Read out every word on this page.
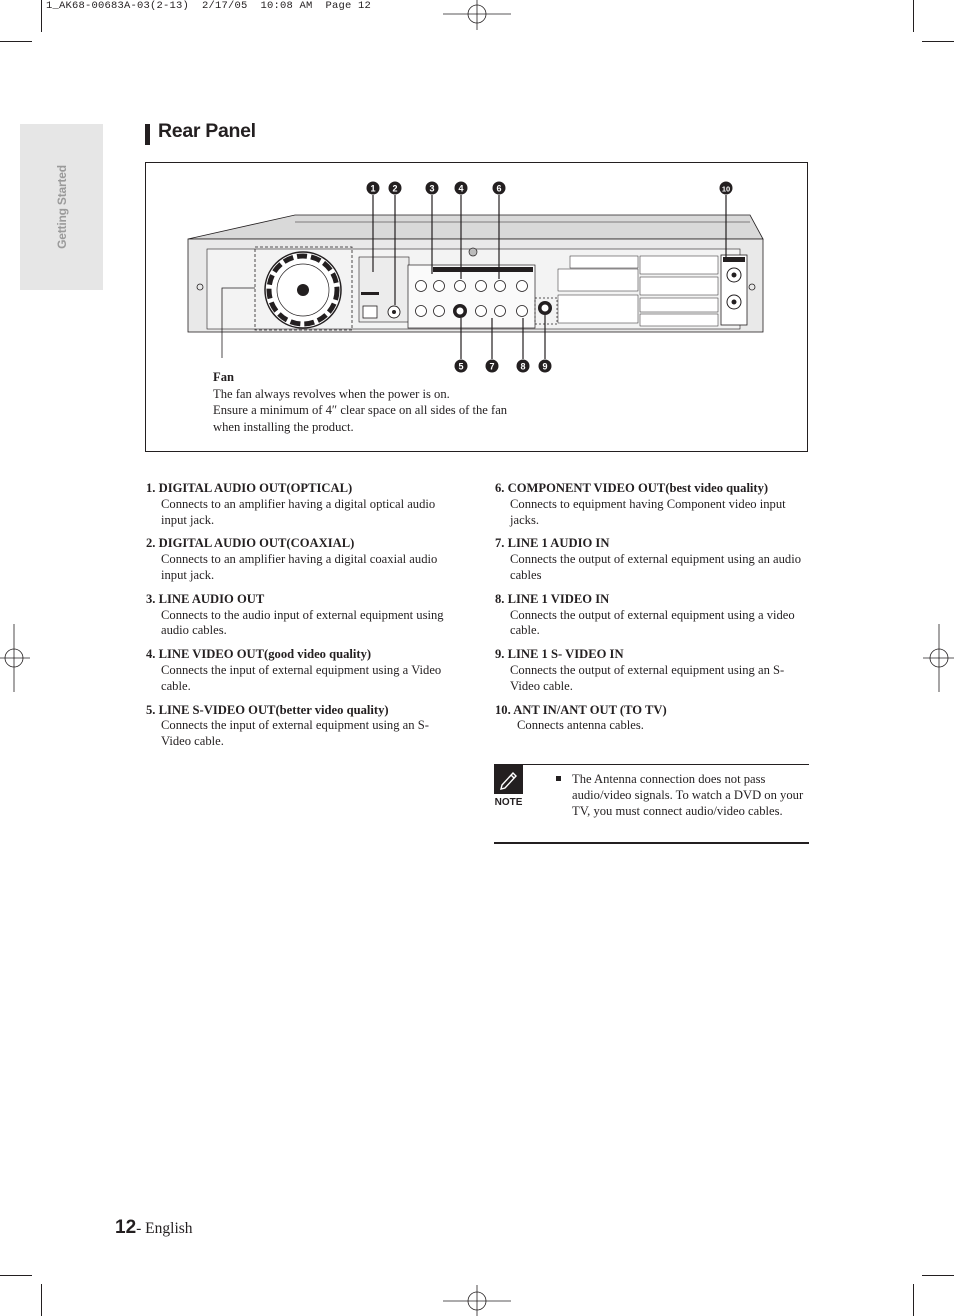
1_AK68-00683A-03(2-13)  2/17/05  10:08 AM  Page 12
Getting Started
Rear Panel
1 2	3	4	6	10
5	7	8 9
Fan
The fan always revolves when the power is on.
Ensure a minimum of 4″ clear space on all sides of the fan when installing the product.
1. DIGITAL AUDIO OUT(OPTICAL)
Connects to an amplifier having a digital optical audio input jack.
2. DIGITAL AUDIO OUT(COAXIAL)
Connects to an amplifier having a digital coaxial audio input jack.
3. LINE AUDIO OUT
Connects to the audio input of external equipment using audio cables.
4. LINE VIDEO OUT(good video quality)
Connects the input of external equipment using a Video cable.
5. LINE S-VIDEO OUT(better video quality)
Connects the input of external equipment using an S-Video cable.
6. COMPONENT VIDEO OUT(best video quality)
Connects to equipment having Component video input jacks.
7. LINE 1 AUDIO IN
Connects the output of external equipment using an audio cables
8. LINE 1 VIDEO IN
Connects the output of external equipment using a video cable.
9. LINE 1 S- VIDEO IN
Connects the output of external equipment using an S-Video cable.
10. ANT IN/ANT OUT (TO TV)
Connects antenna cables.
NOTE
The Antenna connection does not pass audio/video signals. To watch a DVD on your TV, you must connect audio/video cables.
12- English
